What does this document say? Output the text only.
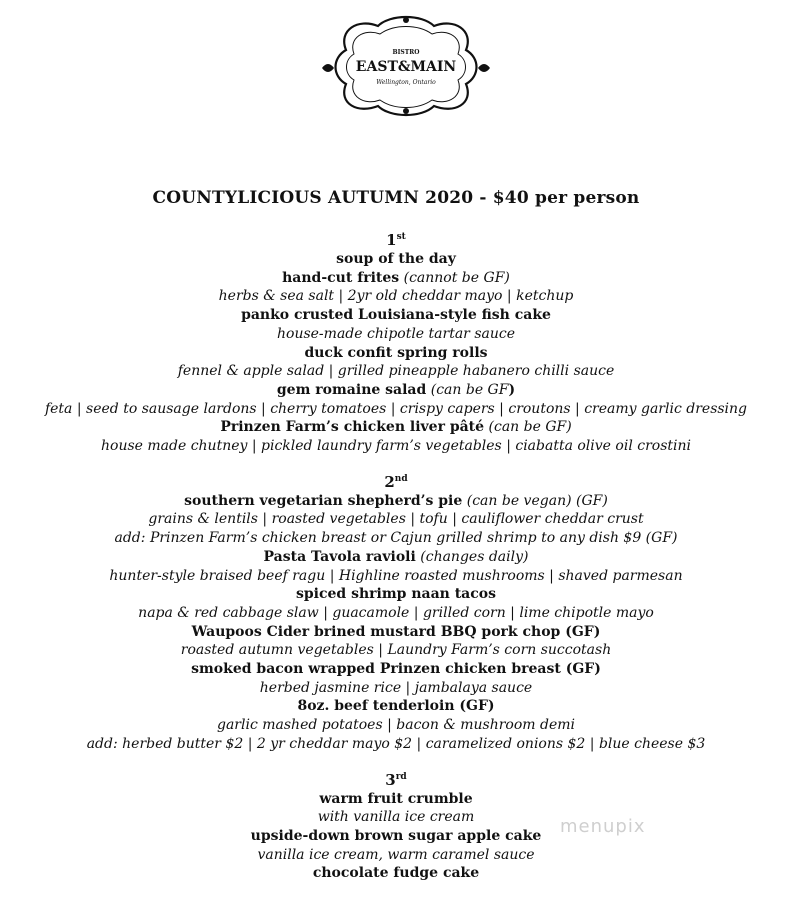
BISTRO
EAST&MAIN
Wellington, Ontario
COUNTYLICIOUS AUTUMN 2020 - $40 per person
1st
soup of the day
hand-cut frites (cannot be GF)
herbs & sea salt | 2yr old cheddar mayo | ketchup
panko crusted Louisiana-style fish cake
house-made chipotle tartar sauce
duck confit spring rolls
fennel & apple salad | grilled pineapple habanero chilli sauce
gem romaine salad (can be GF)
feta | seed to sausage lardons | cherry tomatoes | crispy capers | croutons | creamy garlic dressing
Prinzen Farm’s chicken liver pâté (can be GF)
house made chutney | pickled laundry farm’s vegetables | ciabatta olive oil crostini
2nd
southern vegetarian shepherd’s pie (can be vegan) (GF)
grains & lentils | roasted vegetables | tofu | cauliflower cheddar crust
add: Prinzen Farm’s chicken breast or Cajun grilled shrimp to any dish $9 (GF)
Pasta Tavola ravioli (changes daily)
hunter-style braised beef ragu | Highline roasted mushrooms | shaved parmesan
spiced shrimp naan tacos
napa & red cabbage slaw | guacamole | grilled corn | lime chipotle mayo
Waupoos Cider brined mustard BBQ pork chop (GF)
roasted autumn vegetables | Laundry Farm’s corn succotash
smoked bacon wrapped Prinzen chicken breast (GF)
herbed jasmine rice | jambalaya sauce
8oz. beef tenderloin (GF)
garlic mashed potatoes | bacon & mushroom demi
add: herbed butter $2 | 2 yr cheddar mayo $2 | caramelized onions $2 | blue cheese $3
3rd
warm fruit crumble
with vanilla ice cream
upside-down brown sugar apple cake
vanilla ice cream, warm caramel sauce
chocolate fudge cake
menupix
